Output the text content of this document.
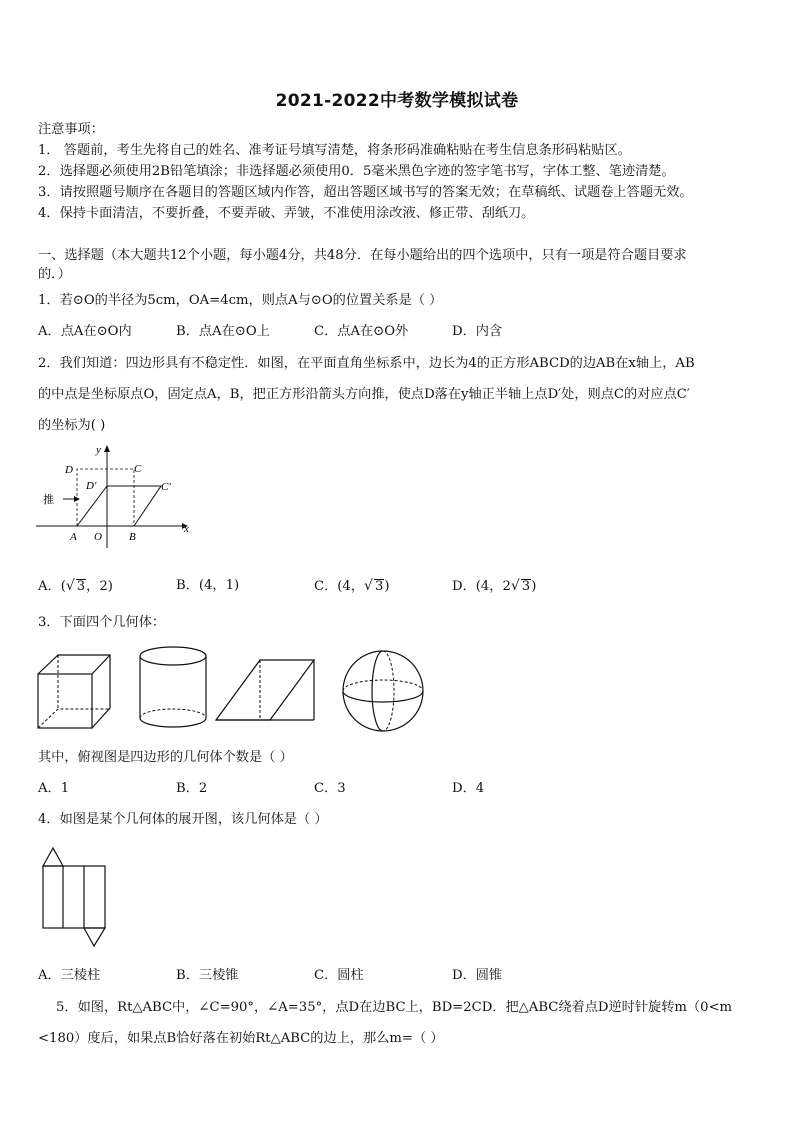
2021-2022中考数学模拟试卷
注意事项：
1． 答题前，考生先将自己的姓名、准考证号填写清楚，将条形码准确粘贴在考生信息条形码粘贴区。
2．选择题必须使用2B铅笔填涂；非选择题必须使用0．5毫米黑色字迹的签字笔书写，字体工整、笔迹清楚。
3．请按照题号顺序在各题目的答题区域内作答，超出答题区域书写的答案无效；在草稿纸、试题卷上答题无效。
4．保持卡面清洁，不要折叠，不要弄破、弄皱，不准使用涂改液、修正带、刮纸刀。
一、选择题（本大题共12个小题，每小题4分，共48分．在每小题给出的四个选项中，只有一项是符合题目要求
的．）
1．若⊙O的半径为5cm，OA=4cm，则点A与⊙O的位置关系是（ ）
A．点A在⊙O内	B．点A在⊙O上	C．点A在⊙O外	D．内含
2．我们知道：四边形具有不稳定性．如图，在平面直角坐标系中，边长为4的正方形ABCD的边AB在x轴上，AB
的中点是坐标原点O，固定点A，B，把正方形沿箭头方向推，使点D落在y轴正半轴上点D′处，则点C的对应点C′
的坐标为( )
y
x
D	C
D′	C′
推
A O B
A．(√ 3，2)	B．(4，1)	C．(4，√ 3)	D．(4，2√ 3)
3．下面四个几何体：
其中，俯视图是四边形的几何体个数是（ ）
A．1	B．2	C．3	D．4
4．如图是某个几何体的展开图，该几何体是（ ）
A．三棱柱	B．三棱锥	C．圆柱	D．圆锥
5．如图，Rt△ABC中，∠C=90°，∠A=35°，点D在边BC上，BD=2CD．把△ABC绕着点D逆时针旋转m（0<m
<180）度后，如果点B恰好落在初始Rt△ABC的边上，那么m=（ ）
